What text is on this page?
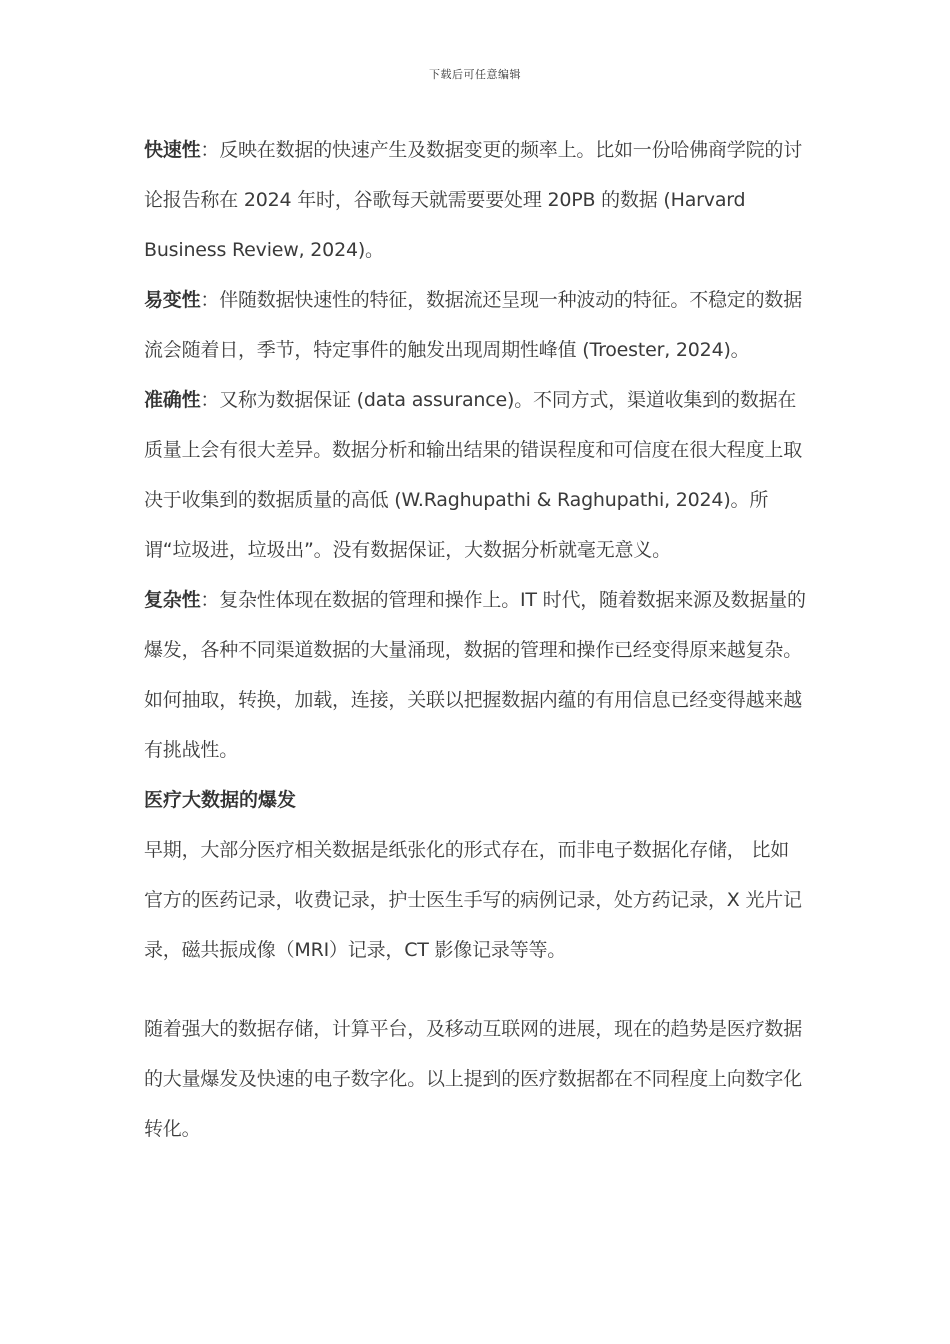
下载后可任意编辑

快速性：反映在数据的快速产生及数据变更的频率上。比如一份哈佛商学院的讨论报告称在 2024 年时，谷歌每天就需要要处理 20PB 的数据 (Harvard Business Review, 2024)。

易变性：伴随数据快速性的特征，数据流还呈现一种波动的特征。不稳定的数据流会随着日，季节，特定事件的触发出现周期性峰值 (Troester, 2024)。

准确性：又称为数据保证 (data assurance)。不同方式，渠道收集到的数据在质量上会有很大差异。数据分析和输出结果的错误程度和可信度在很大程度上取决于收集到的数据质量的高低 (W.Raghupathi & Raghupathi, 2024)。所谓“垃圾进，垃圾出”。没有数据保证，大数据分析就毫无意义。

复杂性：复杂性体现在数据的管理和操作上。IT 时代，随着数据来源及数据量的爆发，各种不同渠道数据的大量涌现，数据的管理和操作已经变得原来越复杂。如何抽取，转换，加载，连接，关联以把握数据内蕴的有用信息已经变得越来越有挑战性。

医疗大数据的爆发

早期，大部分医疗相关数据是纸张化的形式存在，而非电子数据化存储， 比如官方的医药记录，收费记录，护士医生手写的病例记录，处方药记录，X 光片记录，磁共振成像（MRI）记录，CT 影像记录等等。

随着强大的数据存储，计算平台，及移动互联网的进展，现在的趋势是医疗数据的大量爆发及快速的电子数字化。以上提到的医疗数据都在不同程度上向数字化转化。
